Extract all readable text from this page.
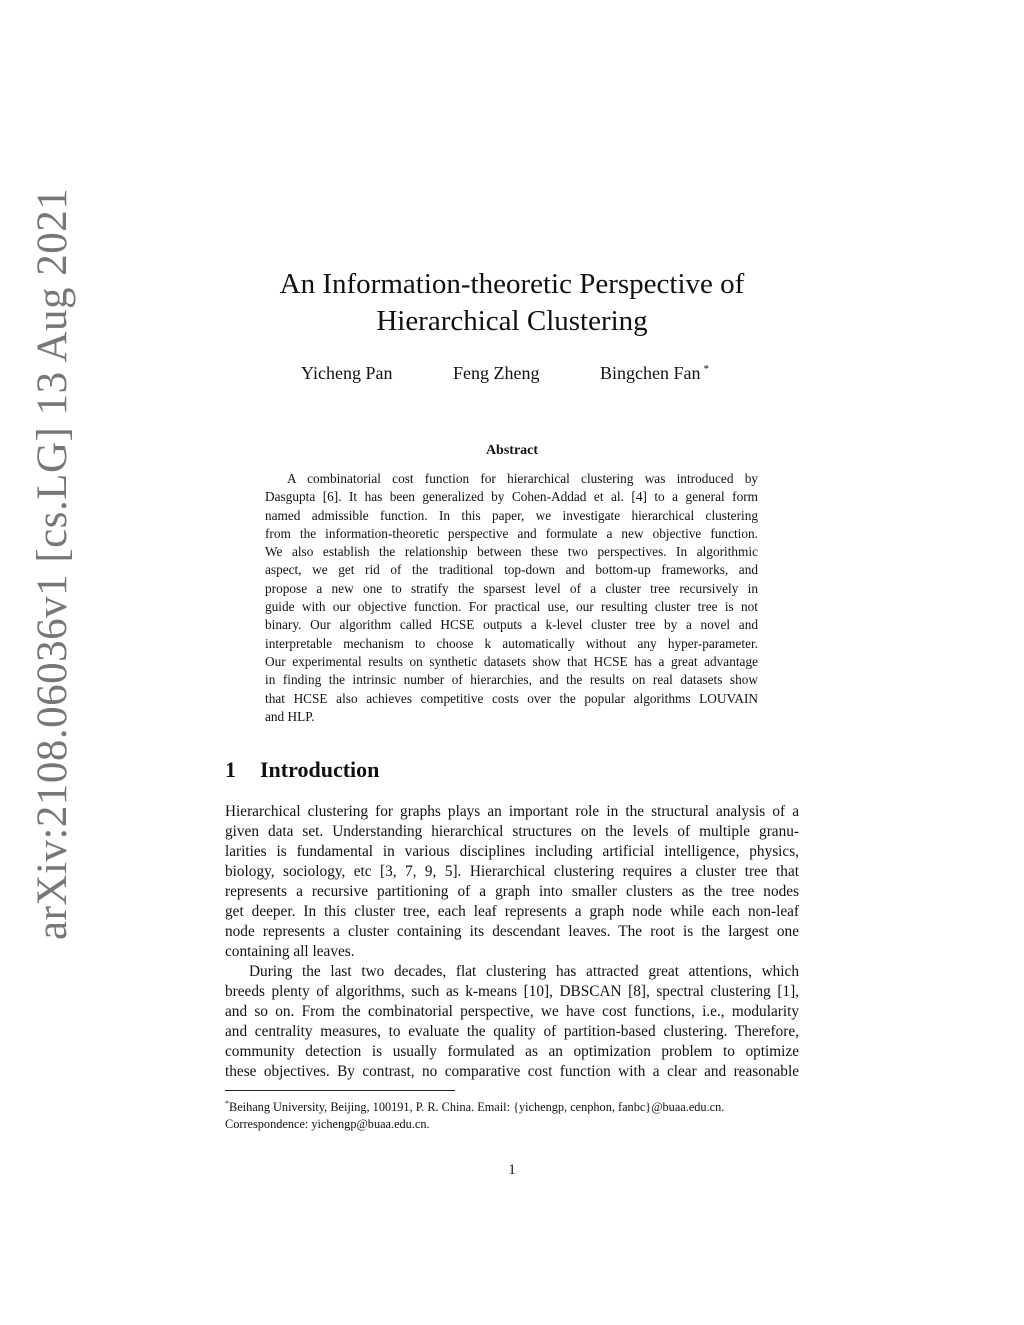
arXiv:2108.06036v1 [cs.LG] 13 Aug 2021	An Information-theoretic Perspective of
Hierarchical Clustering
Yicheng Pan	Feng Zheng	Bingchen Fan *
Abstract
A combinatorial cost function for hierarchical clustering was introduced by
Dasgupta [6]. It has been generalized by Cohen-Addad et al. [4] to a general form
named admissible function. In this paper, we investigate hierarchical clustering
from the information-theoretic perspective and formulate a new objective function.
We also establish the relationship between these two perspectives. In algorithmic
aspect, we get rid of the traditional top-down and bottom-up frameworks, and
propose a new one to stratify the sparsest level of a cluster tree recursively in
guide with our objective function. For practical use, our resulting cluster tree is not
binary. Our algorithm called HCSE outputs a k-level cluster tree by a novel and
interpretable mechanism to choose k automatically without any hyper-parameter.
Our experimental results on synthetic datasets show that HCSE has a great advantage
in finding the intrinsic number of hierarchies, and the results on real datasets show
that HCSE also achieves competitive costs over the popular algorithms LOUVAIN
and HLP.
1 Introduction
Hierarchical clustering for graphs plays an important role in the structural analysis of a
given data set. Understanding hierarchical structures on the levels of multiple granu-
larities is fundamental in various disciplines including artificial intelligence, physics,
biology, sociology, etc [3, 7, 9, 5]. Hierarchical clustering requires a cluster tree that
represents a recursive partitioning of a graph into smaller clusters as the tree nodes
get deeper. In this cluster tree, each leaf represents a graph node while each non-leaf
node represents a cluster containing its descendant leaves. The root is the largest one
containing all leaves.
During the last two decades, flat clustering has attracted great attentions, which
breeds plenty of algorithms, such as k-means [10], DBSCAN [8], spectral clustering [1],
and so on. From the combinatorial perspective, we have cost functions, i.e., modularity
and centrality measures, to evaluate the quality of partition-based clustering. Therefore,
community detection is usually formulated as an optimization problem to optimize
these objectives. By contrast, no comparative cost function with a clear and reasonable
*Beihang University, Beijing, 100191, P. R. China. Email: {yichengp, cenphon, fanbc}@buaa.edu.cn.
Correspondence: yichengp@buaa.edu.cn.
1
